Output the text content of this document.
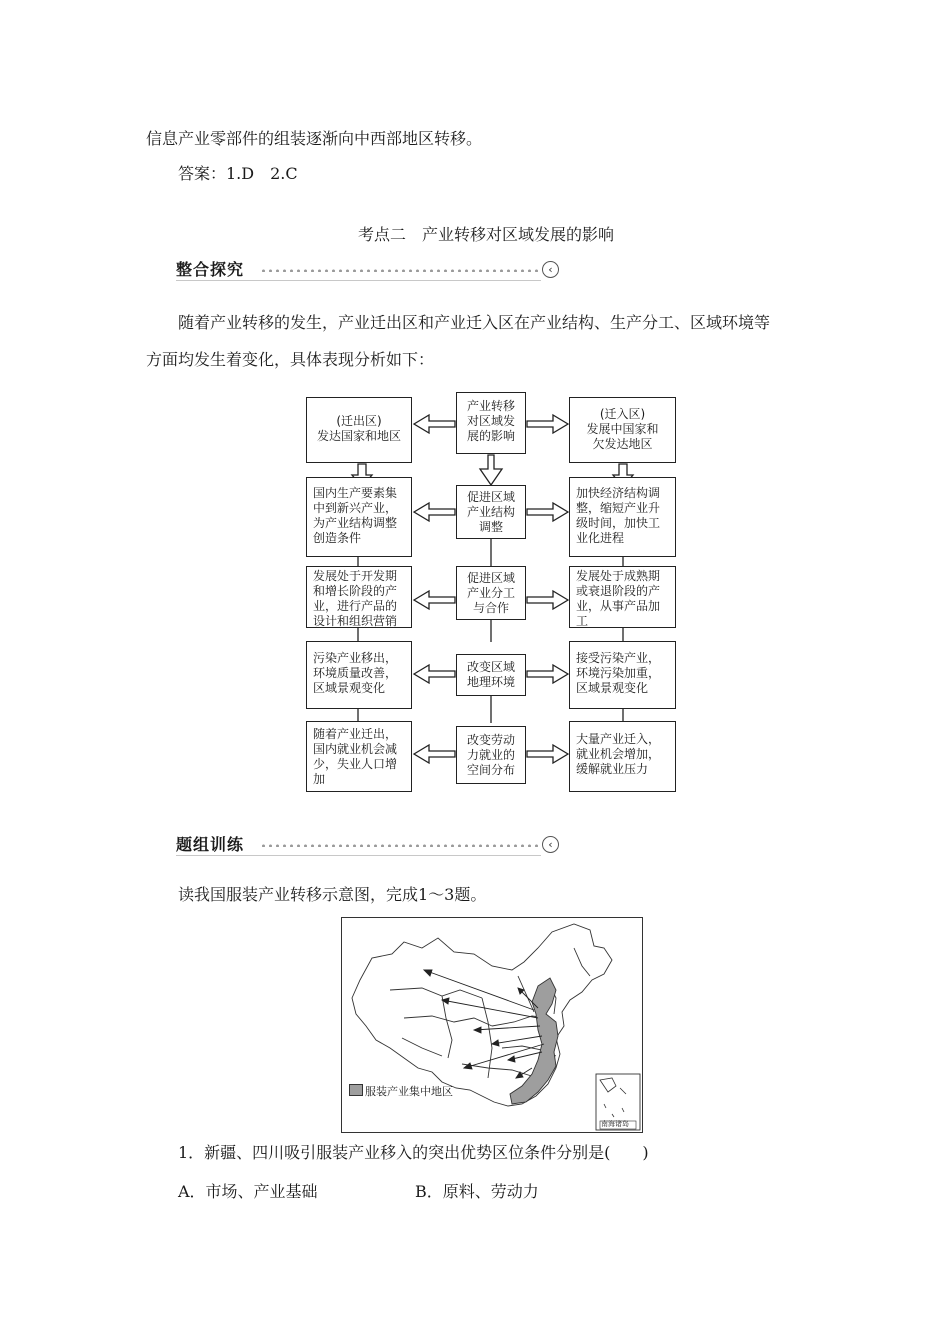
信息产业零部件的组装逐渐向中西部地区转移。
答案：1.D　2.C
考点二　产业转移对区域发展的影响
整合探究	‹
随着产业转移的发生，产业迁出区和产业迁入区在产业结构、生产分工、区域环境等
方面均发生着变化，具体表现分析如下：
(迁出区)
发达国家和地区
产业转移
对区域发
展的影响
(迁入区)
发展中国家和
欠发达地区
国内生产要素集
中到新兴产业，
为产业结构调整
创造条件
促进区域
产业结构
调整
加快经济结构调
整，缩短产业升
级时间，加快工
业化进程
发展处于开发期
和增长阶段的产
业，进行产品的
设计和组织营销
促进区域
产业分工
与合作
发展处于成熟期
或衰退阶段的产
业，从事产品加
工
污染产业移出，
环境质量改善，
区域景观变化
改变区域
地理环境
接受污染产业，
环境污染加重，
区域景观变化
随着产业迁出，
国内就业机会减
少，失业人口增
加
改变劳动
力就业的
空间分布
大量产业迁入，
就业机会增加，
缓解就业压力
题组训练	‹
读我国服装产业转移示意图，完成1～3题。
南海诸岛
服装产业集中地区
1．新疆、四川吸引服装产业移入的突出优势区位条件分别是(　　)
A．市场、产业基础	B．原料、劳动力
